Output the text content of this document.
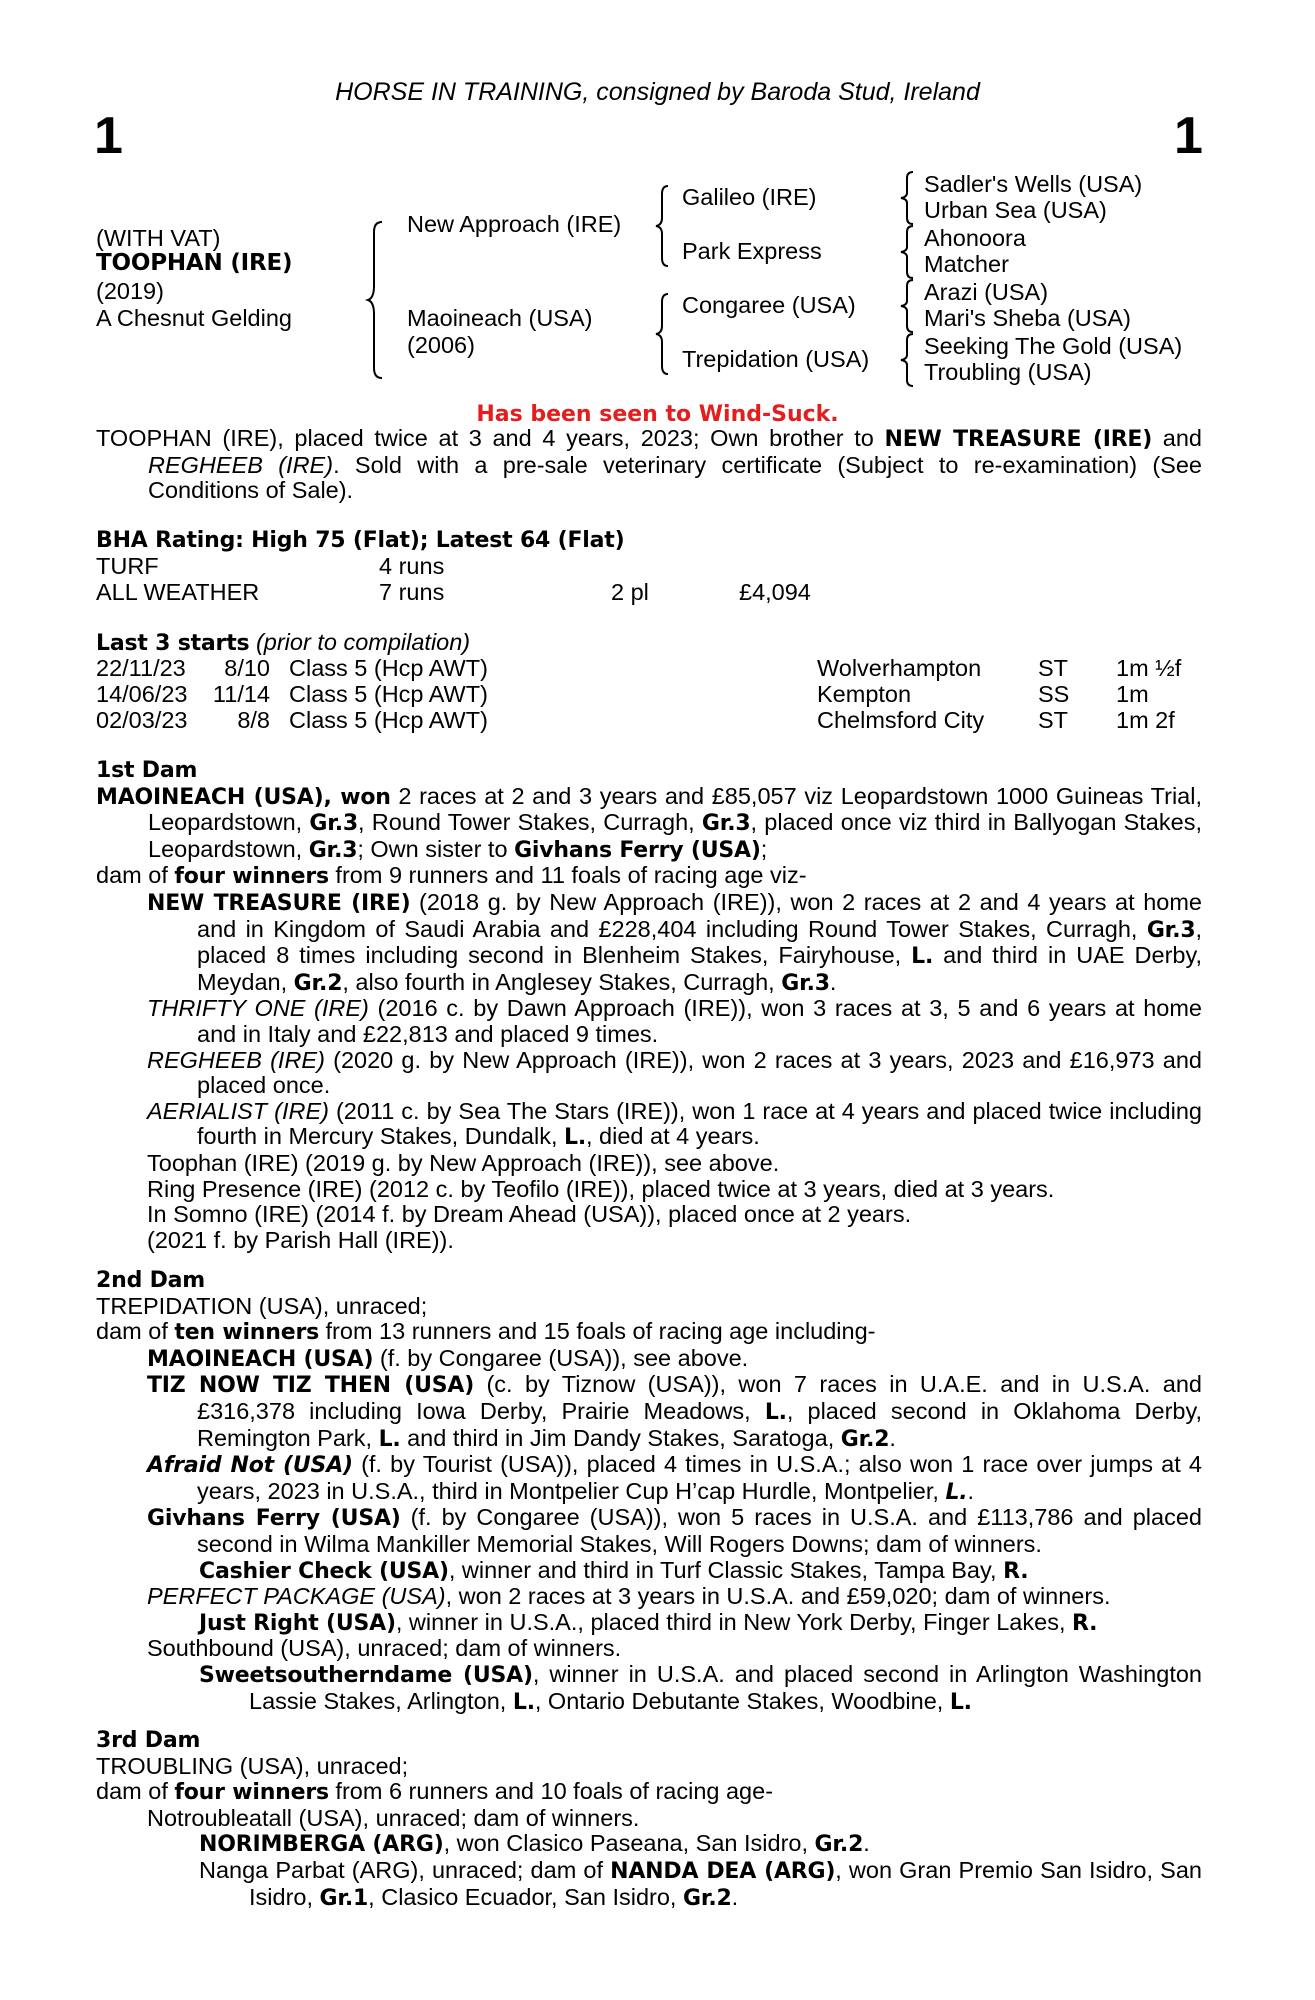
HORSE IN TRAINING, consigned by Baroda Stud, Ireland
1	1
(WITH VAT)
TOOPHAN (IRE)
(2019)
A Chesnut Gelding
New Approach (IRE)
Maoineach (USA)
(2006)
Galileo (IRE)
Park Express
Congaree (USA)
Trepidation (USA)
Sadler's Wells (USA)
Urban Sea (USA)
Ahonoora
Matcher
Arazi (USA)
Mari's Sheba (USA)
Seeking The Gold (USA)
Troubling (USA)
Has been seen to Wind-Suck.

TOOPHAN (IRE), placed twice at 3 and 4 years, 2023; Own brother to NEW TREASURE (IRE) and REGHEEB (IRE). Sold with a pre-sale veterinary certificate (Subject to re-examination) (See Conditions of Sale).

BHA Rating: High 75 (Flat); Latest 64 (Flat)
TURF	4 runs
ALL WEATHER	7 runs	2 pl	£4,094
Last 3 starts (prior to compilation)
22/11/23	8/10 Class 5 (Hcp AWT)	Wolverhampton ST 1m ½f
14/06/23 11/14 Class 5 (Hcp AWT)	Kempton	SS 1m
02/03/23	8/8 Class 5 (Hcp AWT)	Chelmsford City ST 1m 2f

1st Dam

MAOINEACH (USA), won 2 races at 2 and 3 years and £85,057 viz Leopardstown 1000 Guineas Trial, Leopardstown, Gr.3, Round Tower Stakes, Curragh, Gr.3, placed once viz third in Ballyogan Stakes, Leopardstown, Gr.3; Own sister to Givhans Ferry (USA);

dam of four winners from 9 runners and 11 foals of racing age viz-

NEW TREASURE (IRE) (2018 g. by New Approach (IRE)), won 2 races at 2 and 4 years at home and in Kingdom of Saudi Arabia and £228,404 including Round Tower Stakes, Curragh, Gr.3, placed 8 times including second in Blenheim Stakes, Fairyhouse, L. and third in UAE Derby, Meydan, Gr.2, also fourth in Anglesey Stakes, Curragh, Gr.3.

THRIFTY ONE (IRE) (2016 c. by Dawn Approach (IRE)), won 3 races at 3, 5 and 6 years at home and in Italy and £22,813 and placed 9 times.

REGHEEB (IRE) (2020 g. by New Approach (IRE)), won 2 races at 3 years, 2023 and £16,973 and placed once.

AERIALIST (IRE) (2011 c. by Sea The Stars (IRE)), won 1 race at 4 years and placed twice including fourth in Mercury Stakes, Dundalk, L., died at 4 years.

Toophan (IRE) (2019 g. by New Approach (IRE)), see above.

Ring Presence (IRE) (2012 c. by Teofilo (IRE)), placed twice at 3 years, died at 3 years.

In Somno (IRE) (2014 f. by Dream Ahead (USA)), placed once at 2 years.

(2021 f. by Parish Hall (IRE)).

2nd Dam

TREPIDATION (USA), unraced;

dam of ten winners from 13 runners and 15 foals of racing age including-

MAOINEACH (USA) (f. by Congaree (USA)), see above.

TIZ NOW TIZ THEN (USA) (c. by Tiznow (USA)), won 7 races in U.A.E. and in U.S.A. and £316,378 including Iowa Derby, Prairie Meadows, L., placed second in Oklahoma Derby, Remington Park, L. and third in Jim Dandy Stakes, Saratoga, Gr.2.

Afraid Not (USA) (f. by Tourist (USA)), placed 4 times in U.S.A.; also won 1 race over jumps at 4 years, 2023 in U.S.A., third in Montpelier Cup H’cap Hurdle, Montpelier, L..

Givhans Ferry (USA) (f. by Congaree (USA)), won 5 races in U.S.A. and £113,786 and placed second in Wilma Mankiller Memorial Stakes, Will Rogers Downs; dam of winners.

Cashier Check (USA), winner and third in Turf Classic Stakes, Tampa Bay, R.

PERFECT PACKAGE (USA), won 2 races at 3 years in U.S.A. and £59,020; dam of winners.

Just Right (USA), winner in U.S.A., placed third in New York Derby, Finger Lakes, R.

Southbound (USA), unraced; dam of winners.

Sweetsoutherndame (USA), winner in U.S.A. and placed second in Arlington Washington Lassie Stakes, Arlington, L., Ontario Debutante Stakes, Woodbine, L.

3rd Dam

TROUBLING (USA), unraced;

dam of four winners from 6 runners and 10 foals of racing age-

Notroubleatall (USA), unraced; dam of winners.

NORIMBERGA (ARG), won Clasico Paseana, San Isidro, Gr.2.

Nanga Parbat (ARG), unraced; dam of NANDA DEA (ARG), won Gran Premio San Isidro, San Isidro, Gr.1, Clasico Ecuador, San Isidro, Gr.2.
